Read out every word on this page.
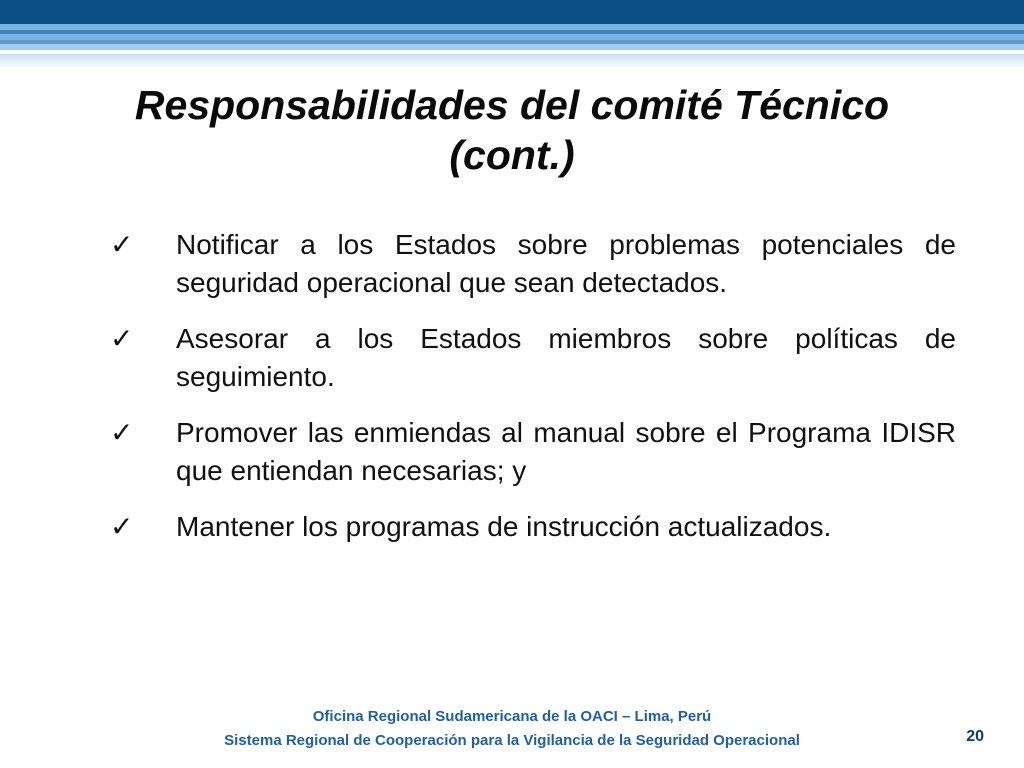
Responsabilidades del comité Técnico
(cont.)
✓	Notificar a los Estados sobre problemas potenciales de seguridad operacional que sean detectados.
✓	Asesorar a los Estados miembros sobre políticas de seguimiento.
✓	Promover las enmiendas al manual sobre el Programa IDISR que entiendan necesarias; y
✓	Mantener los programas de instrucción actualizados.
Oficina Regional Sudamericana de la OACI – Lima, Perú
Sistema Regional de Cooperación para la Vigilancia de la Seguridad Operacional	20
